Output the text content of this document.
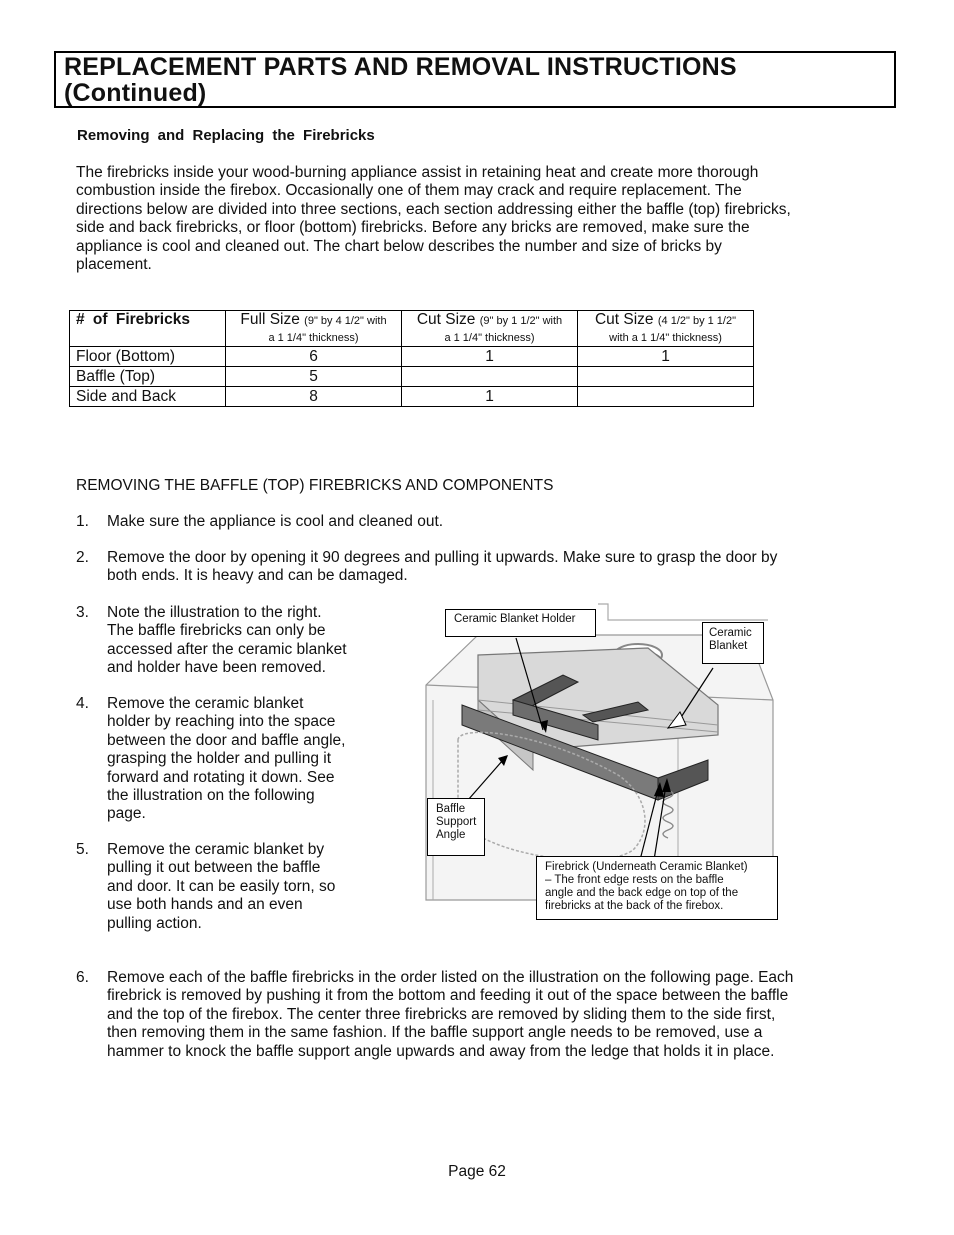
REPLACEMENT PARTS AND REMOVAL INSTRUCTIONS
(Continued)
Removing and Replacing the Firebricks
The firebricks inside your wood-burning appliance assist in retaining heat and create more thorough
combustion inside the firebox. Occasionally one of them may crack and require replacement. The
directions below are divided into three sections, each section addressing either the baffle (top) firebricks,
side and back firebricks, or floor (bottom) firebricks. Before any bricks are removed, make sure the
appliance is cool and cleaned out. The chart below describes the number and size of bricks by
placement.
# of Firebricks	Full Size (9" by 4 1/2" with
a 1 1/4" thickness)	Cut Size (9" by 1 1/2" with
a 1 1/4" thickness)	Cut Size (4 1/2" by 1 1/2"
with a 1 1/4" thickness)
Floor (Bottom)	6	1	1
Baffle (Top)	5		
Side and Back	8	1	
REMOVING THE BAFFLE (TOP) FIREBRICKS AND COMPONENTS
1. Make sure the appliance is cool and cleaned out.
2. Remove the door by opening it 90 degrees and pulling it upwards. Make sure to grasp the door by
both ends. It is heavy and can be damaged.
3. Note the illustration to the right.
The baffle firebricks can only be
accessed after the ceramic blanket
and holder have been removed.
4. Remove the ceramic blanket
holder by reaching into the space
between the door and baffle angle,
grasping the holder and pulling it
forward and rotating it down. See
the illustration on the following
page.
5. Remove the ceramic blanket by
pulling it out between the baffle
and door. It can be easily torn, so
use both hands and an even
pulling action.
6. Remove each of the baffle firebricks in the order listed on the illustration on the following page. Each
firebrick is removed by pushing it from the bottom and feeding it out of the space between the baffle
and the top of the firebox. The center three firebricks are removed by sliding them to the side first,
then removing them in the same fashion. If the baffle support angle needs to be removed, use a
hammer to knock the baffle support angle upwards and away from the ledge that holds it in place.
Ceramic Blanket Holder
Ceramic
Blanket
Baffle
Support
Angle
Firebrick (Underneath Ceramic Blanket)
– The front edge rests on the baffle
angle and the back edge on top of the
firebricks at the back of the firebox.
Page 62
